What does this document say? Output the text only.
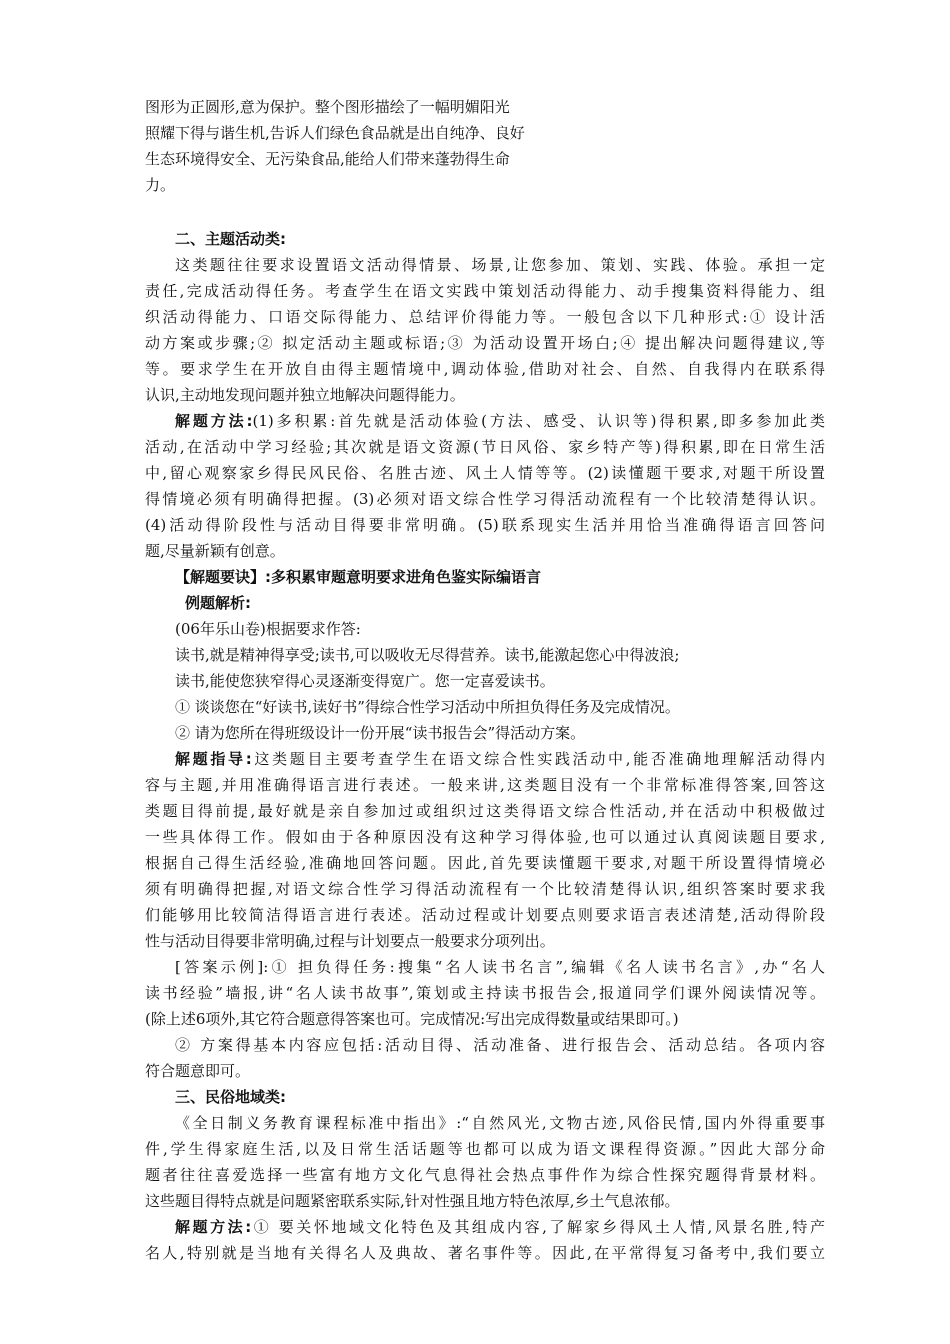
图形为正圆形,意为保护。整个图形描绘了一幅明媚阳光
照耀下得与谐生机,告诉人们绿色食品就是出自纯净、良好
生态环境得安全、无污染食品,能给人们带来蓬勃得生命
力。
二、主题活动类:
这类题往往要求设置语文活动得情景、场景,让您参加、策划、实践、体验。承担一定
责任,完成活动得任务。考查学生在语文实践中策划活动得能力、动手搜集资料得能力、组
织活动得能力、口语交际得能力、总结评价得能力等。一般包含以下几种形式:① 设计活
动方案或步骤;② 拟定活动主题或标语;③ 为活动设置开场白;④ 提出解决问题得建议,等
等。要求学生在开放自由得主题情境中,调动体验,借助对社会、自然、自我得内在联系得
认识,主动地发现问题并独立地解决问题得能力。
解题方法:(1)多积累:首先就是活动体验(方法、感受、认识等)得积累,即多参加此类
活动,在活动中学习经验;其次就是语文资源(节日风俗、家乡特产等)得积累,即在日常生活
中,留心观察家乡得民风民俗、名胜古迹、风土人情等等。(2)读懂题干要求,对题干所设置
得情境必须有明确得把握。(3)必须对语文综合性学习得活动流程有一个比较清楚得认识。
(4)活动得阶段性与活动目得要非常明确。(5)联系现实生活并用恰当准确得语言回答问
题,尽量新颖有创意。
【解题要诀】:多积累审题意明要求进角色鉴实际编语言
例题解析:
(06年乐山卷)根据要求作答:
读书,就是精神得享受;读书,可以吸收无尽得营养。读书,能激起您心中得波浪;
读书,能使您狭窄得心灵逐渐变得宽广。您一定喜爱读书。
① 谈谈您在“好读书,读好书”得综合性学习活动中所担负得任务及完成情况。
② 请为您所在得班级设计一份开展“读书报告会”得活动方案。
解题指导:这类题目主要考查学生在语文综合性实践活动中,能否准确地理解活动得内
容与主题,并用准确得语言进行表述。一般来讲,这类题目没有一个非常标准得答案,回答这
类题目得前提,最好就是亲自参加过或组织过这类得语文综合性活动,并在活动中积极做过
一些具体得工作。假如由于各种原因没有这种学习得体验,也可以通过认真阅读题目要求,
根据自己得生活经验,准确地回答问题。因此,首先要读懂题干要求,对题干所设置得情境必
须有明确得把握,对语文综合性学习得活动流程有一个比较清楚得认识,组织答案时要求我
们能够用比较简洁得语言进行表述。活动过程或计划要点则要求语言表述清楚,活动得阶段
性与活动目得要非常明确,过程与计划要点一般要求分项列出。
[答案示例]:① 担负得任务:搜集“名人读书名言”,编辑《名人读书名言》,办“名人
读书经验”墙报,讲“名人读书故事”,策划或主持读书报告会,报道同学们课外阅读情况等。
(除上述6项外,其它符合题意得答案也可。完成情况:写出完成得数量或结果即可。)
② 方案得基本内容应包括:活动目得、活动准备、进行报告会、活动总结。各项内容
符合题意即可。
三、民俗地域类:
《全日制义务教育课程标准中指出》:“自然风光,文物古迹,风俗民情,国内外得重要事
件,学生得家庭生活,以及日常生活话题等也都可以成为语文课程得资源。”因此大部分命
题者往往喜爱选择一些富有地方文化气息得社会热点事件作为综合性探究题得背景材料。
这些题目得特点就是问题紧密联系实际,针对性强且地方特色浓厚,乡土气息浓郁。
解题方法:① 要关怀地域文化特色及其组成内容,了解家乡得风土人情,风景名胜,特产
名人,特别就是当地有关得名人及典故、著名事件等。因此,在平常得复习备考中,我们要立
